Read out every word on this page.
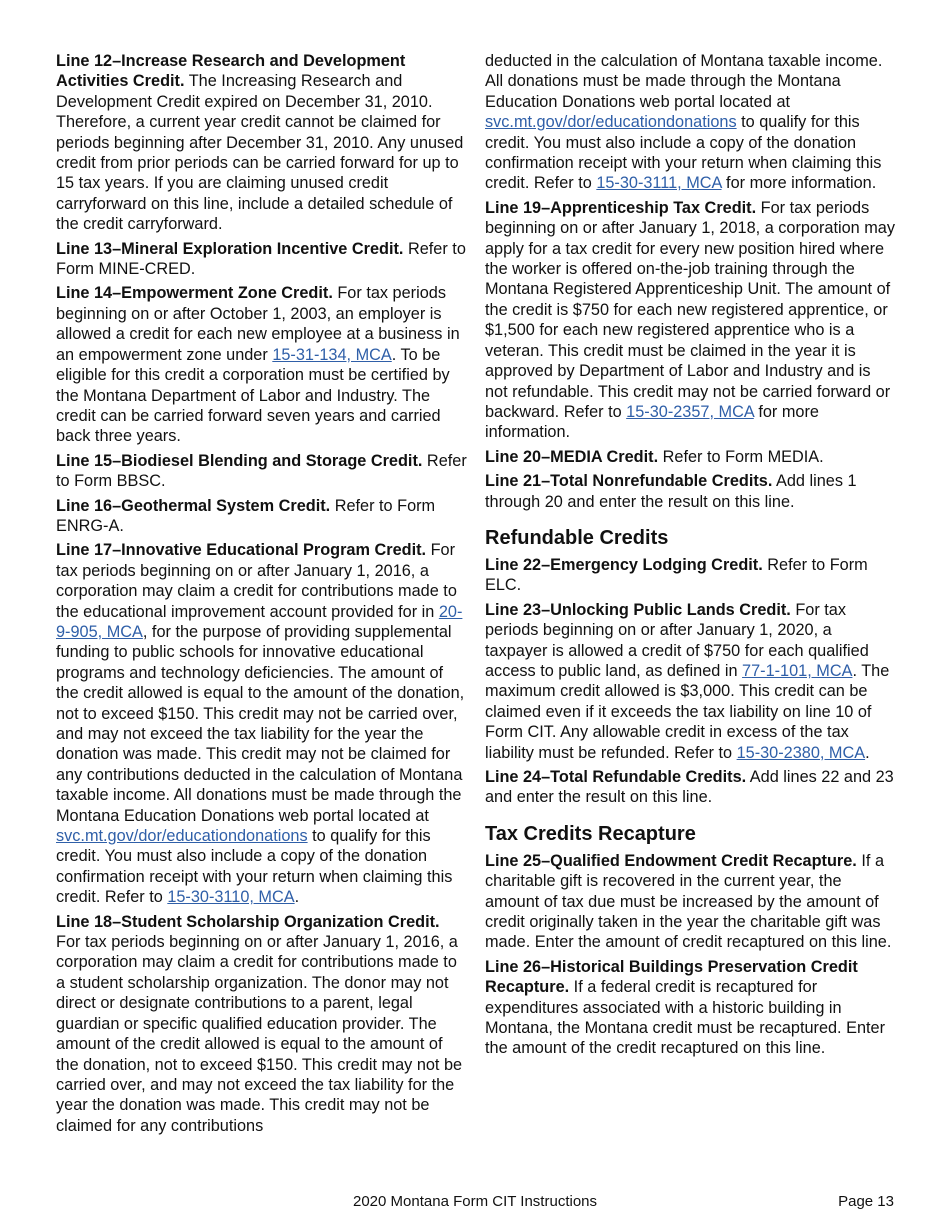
Line 12–Increase Research and Development Activities Credit. The Increasing Research and Development Credit expired on December 31, 2010. Therefore, a current year credit cannot be claimed for periods beginning after December 31, 2010. Any unused credit from prior periods can be carried forward for up to 15 tax years. If you are claiming unused credit carryforward on this line, include a detailed schedule of the credit carryforward.

Line 13–Mineral Exploration Incentive Credit. Refer to Form MINE-CRED.

Line 14–Empowerment Zone Credit. For tax periods beginning on or after October 1, 2003, an employer is allowed a credit for each new employee at a business in an empowerment zone under 15-31-134, MCA. To be eligible for this credit a corporation must be certified by the Montana Department of Labor and Industry. The credit can be carried forward seven years and carried back three years.

Line 15–Biodiesel Blending and Storage Credit. Refer to Form BBSC.

Line 16–Geothermal System Credit. Refer to Form ENRG-A.

Line 17–Innovative Educational Program Credit. For tax periods beginning on or after January 1, 2016, a corporation may claim a credit for contributions made to the educational improvement account provided for in 20-9-905, MCA, for the purpose of providing supplemental funding to public schools for innovative educational programs and technology deficiencies. The amount of the credit allowed is equal to the amount of the donation, not to exceed $150. This credit may not be carried over, and may not exceed the tax liability for the year the donation was made. This credit may not be claimed for any contributions deducted in the calculation of Montana taxable income. All donations must be made through the Montana Education Donations web portal located at svc.mt.gov/dor/educationdonations to qualify for this credit. You must also include a copy of the donation confirmation receipt with your return when claiming this credit. Refer to 15-30-3110, MCA.

Line 18–Student Scholarship Organization Credit. For tax periods beginning on or after January 1, 2016, a corporation may claim a credit for contributions made to a student scholarship organization. The donor may not direct or designate contributions to a parent, legal guardian or specific qualified education provider. The amount of the credit allowed is equal to the amount of the donation, not to exceed $150. This credit may not be carried over, and may not exceed the tax liability for the year the donation was made. This credit may not be claimed for any contributions

deducted in the calculation of Montana taxable income. All donations must be made through the Montana Education Donations web portal located at svc.mt.gov/dor/educationdonations to qualify for this credit. You must also include a copy of the donation confirmation receipt with your return when claiming this credit. Refer to 15-30-3111, MCA for more information.

Line 19–Apprenticeship Tax Credit. For tax periods beginning on or after January 1, 2018, a corporation may apply for a tax credit for every new position hired where the worker is offered on-the-job training through the Montana Registered Apprenticeship Unit. The amount of the credit is $750 for each new registered apprentice, or $1,500 for each new registered apprentice who is a veteran. This credit must be claimed in the year it is approved by Department of Labor and Industry and is not refundable. This credit may not be carried forward or backward. Refer to 15-30-2357, MCA for more information.

Line 20–MEDIA Credit. Refer to Form MEDIA.

Line 21–Total Nonrefundable Credits. Add lines 1 through 20 and enter the result on this line.

Refundable Credits

Line 22–Emergency Lodging Credit. Refer to Form ELC.

Line 23–Unlocking Public Lands Credit. For tax periods beginning on or after January 1, 2020, a taxpayer is allowed a credit of $750 for each qualified access to public land, as defined in 77-1-101, MCA. The maximum credit allowed is $3,000. This credit can be claimed even if it exceeds the tax liability on line 10 of Form CIT. Any allowable credit in excess of the tax liability must be refunded. Refer to 15-30-2380, MCA.

Line 24–Total Refundable Credits. Add lines 22 and 23 and enter the result on this line.

Tax Credits Recapture

Line 25–Qualified Endowment Credit Recapture. If a charitable gift is recovered in the current year, the amount of tax due must be increased by the amount of credit originally taken in the year the charitable gift was made. Enter the amount of credit recaptured on this line.

Line 26–Historical Buildings Preservation Credit Recapture. If a federal credit is recaptured for expenditures associated with a historic building in Montana, the Montana credit must be recaptured. Enter the amount of the credit recaptured on this line.

2020 Montana Form CIT Instructions	Page 13
